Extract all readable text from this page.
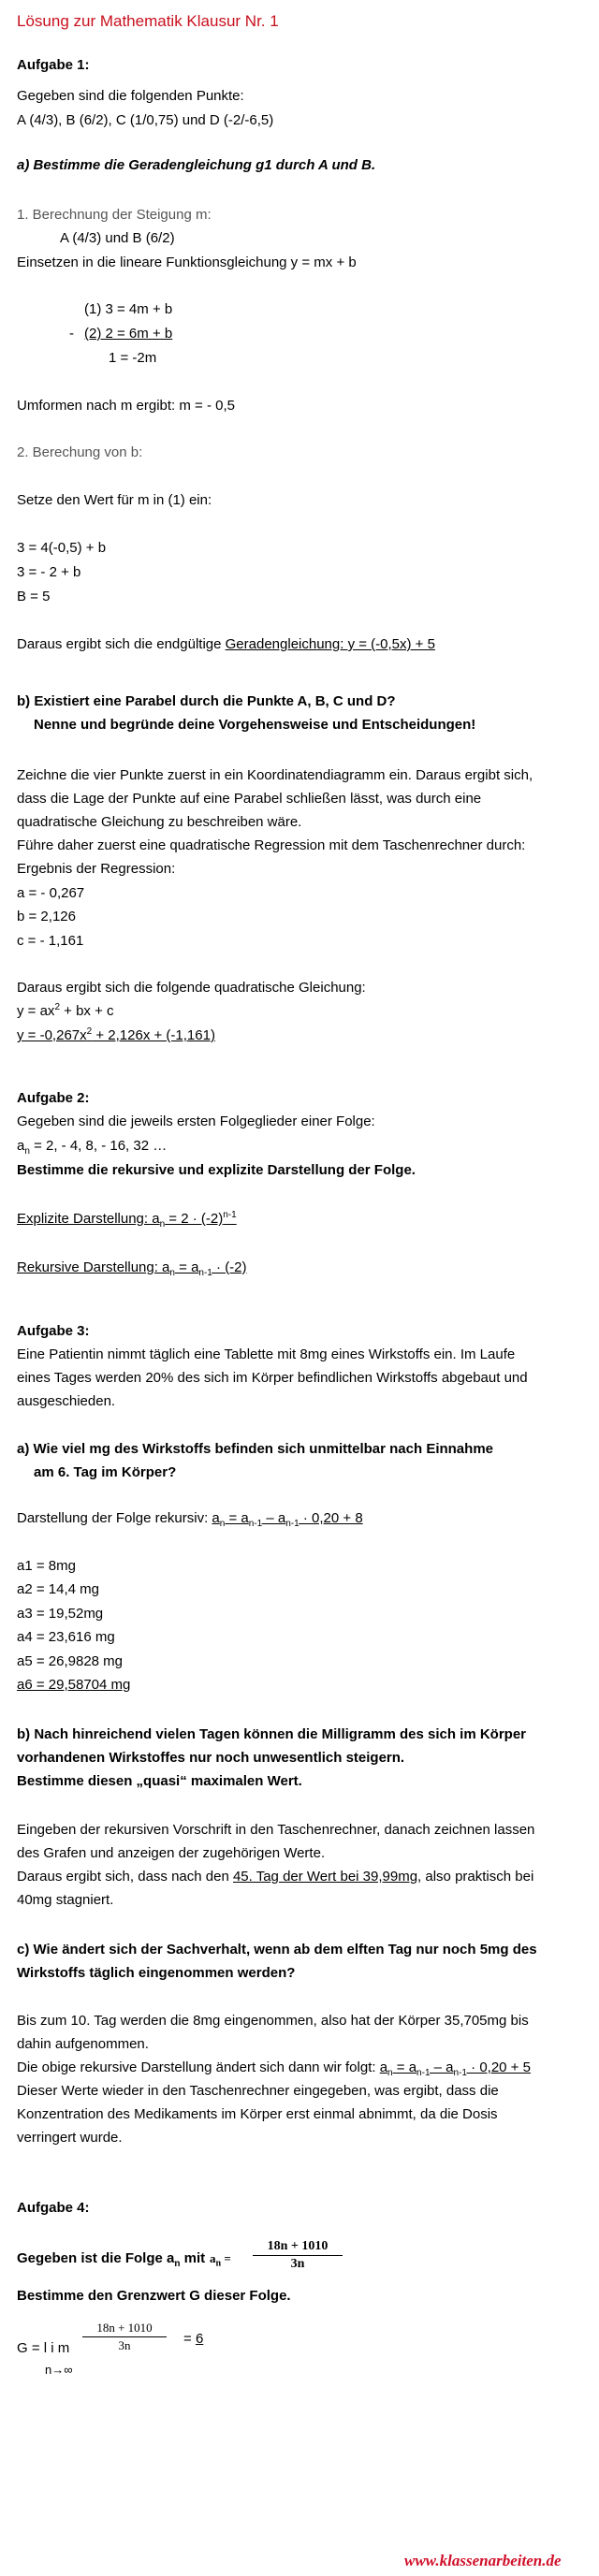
Lösung zur Mathematik Klausur Nr. 1
Aufgabe 1:
Gegeben sind die folgenden Punkte:
A (4/3), B (6/2), C (1/0,75) und D (-2/-6,5)
a) Bestimme die Geradengleichung g1 durch A und B.
1. Berechnung der Steigung m:
A (4/3) und B (6/2)
Einsetzen in die lineare Funktionsgleichung y = mx + b
(1) 3 = 4m + b
- (2) 2 = 6m + b
1 = -2m
Umformen nach m ergibt: m = - 0,5
2. Berechung von b:
Setze den Wert für m in (1) ein:
3 = 4(-0,5) + b
3 = - 2 + b
B = 5
Daraus ergibt sich die endgültige Geradengleichung: y = (-0,5x) + 5
b) Existiert eine Parabel durch die Punkte A, B, C und D?
Nenne und begründe deine Vorgehensweise und Entscheidungen!
Zeichne die vier Punkte zuerst in ein Koordinatendiagramm ein. Daraus ergibt sich,
dass die Lage der Punkte auf eine Parabel schließen lässt, was durch eine
quadratische Gleichung zu beschreiben wäre.
Führe daher zuerst eine quadratische Regression mit dem Taschenrechner durch:
Ergebnis der Regression:
a = - 0,267
b = 2,126
c = - 1,161
Daraus ergibt sich die folgende quadratische Gleichung:
$y = ax^2$ + bx + c
$y = -0,267x^2 + 2,126x + (-1,161)$
Aufgabe 2:
Gegeben sind die jeweils ersten Folgeglieder einer Folge:
$a_n = 2$, - 4, 8, - 16, 32 …
Bestimme die rekursive und explizite Darstellung der Folge.
Explizite Darstellung: $a_n = 2 \cdot (-2)^{n-1}$
Rekursive Darstellung: $a_n = a_{n-1} \cdot (-2)$
Aufgabe 3:
Eine Patientin nimmt täglich eine Tablette mit 8mg eines Wirkstoffs ein. Im Laufe
eines Tages werden 20% des sich im Körper befindlichen Wirkstoffs abgebaut und
ausgeschieden.
a) Wie viel mg des Wirkstoffs befinden sich unmittelbar nach Einnahme
am 6. Tag im Körper?
Darstellung der Folge rekursiv: $a_n = a_{n-1} - a_{n-1} \cdot 0,20 + 8$
a1 = 8mg
a2 = 14,4 mg
a3 = 19,52mg
a4 = 23,616 mg
a5 = 26,9828 mg
a6 = 29,58704 mg
b) Nach hinreichend vielen Tagen können die Milligramm des sich im Körper
vorhandenen Wirkstoffes nur noch unwesentlich steigern.
Bestimme diesen „quasi“ maximalen Wert.
Eingeben der rekursiven Vorschrift in den Taschenrechner, danach zeichnen lassen
des Grafen und anzeigen der zugehörigen Werte.
Daraus ergibt sich, dass nach den 45. Tag der Wert bei 39,99mg, also praktisch bei
40mg stagniert.
c) Wie ändert sich der Sachverhalt, wenn ab dem elften Tag nur noch 5mg des
Wirkstoffs täglich eingenommen werden?
Bis zum 10. Tag werden die 8mg eingenommen, also hat der Körper 35,705mg bis
dahin aufgenommen.
Die obige rekursive Darstellung ändert sich dann wir folgt: $a_n = a_{n-1} - a_{n-1} \cdot 0,20 + 5$
Dieser Werte wieder in den Taschenrechner eingegeben, was ergibt, dass die
Konzentration des Medikaments im Körper erst einmal abnimmt, da die Dosis
verringert wurde.
Aufgabe 4:
Gegeben ist die Folge $a_n$ mit $a_n$ =
18n + 1010
3n
Bestimme den Grenzwert G dieser Folge.
G = l i m
n→∞
18n + 1010
3n	= 6
www.klassenarbeiten.de
